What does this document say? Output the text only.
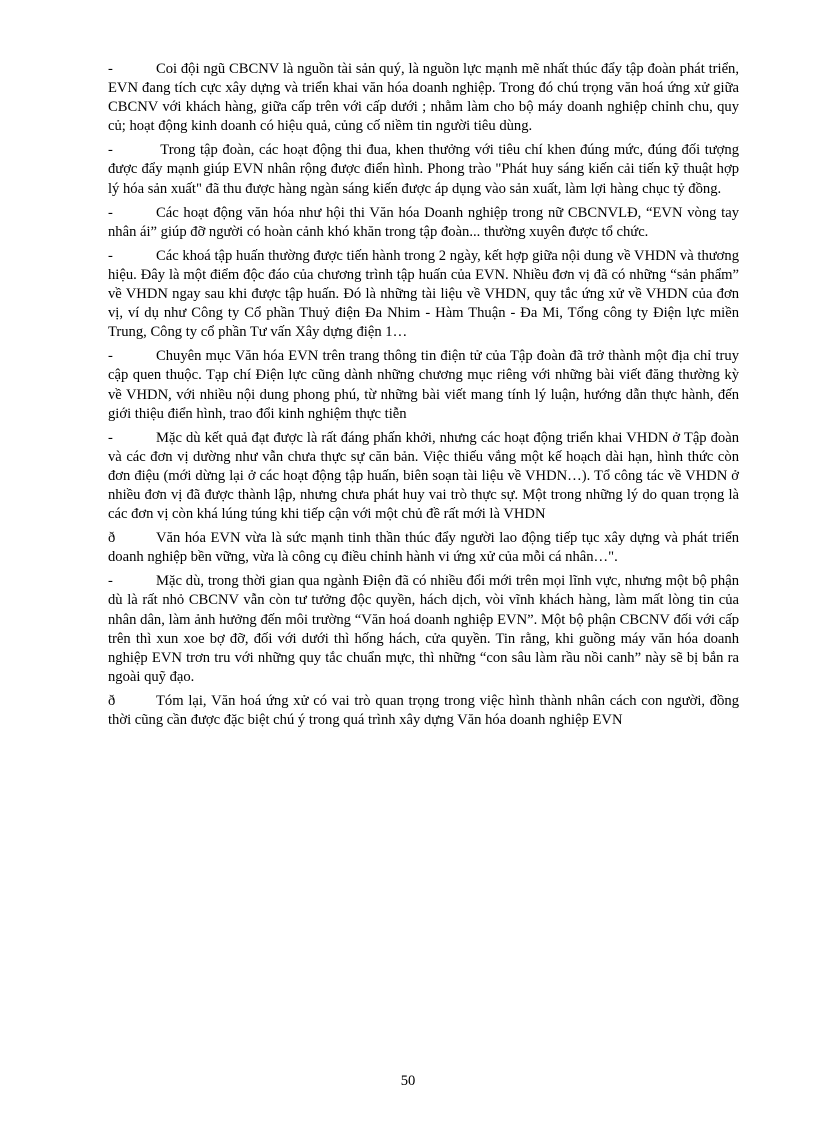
-	Coi đội ngũ CBCNV là nguồn tài sản quý, là nguồn lực mạnh mẽ nhất thúc đẩy tập đoàn phát triển, EVN đang tích cực xây dựng và triển khai văn hóa doanh nghiệp. Trong đó chú trọng văn hoá ứng xử giữa CBCNV với khách hàng, giữa cấp trên với cấp dưới ; nhằm làm cho bộ máy doanh nghiệp chỉnh chu, quy củ; hoạt động kinh doanh có hiệu quả, củng cố niềm tin người tiêu dùng.

-	Trong tập đoàn, các hoạt động thi đua, khen thưởng với tiêu chí khen đúng mức, đúng đối tượng được đẩy mạnh giúp EVN nhân rộng được điển hình. Phong trào "Phát huy sáng kiến cải tiến kỹ thuật hợp lý hóa sản xuất" đã thu được hàng ngàn sáng kiến được áp dụng vào sản xuất, làm lợi hàng chục tỷ đồng.

-	Các hoạt động văn hóa như hội thi Văn hóa Doanh nghiệp trong nữ CBCNVLĐ, “EVN vòng tay nhân ái” giúp đỡ người có hoàn cảnh khó khăn trong tập đoàn... thường xuyên được tổ chức.

-	Các khoá tập huấn thường được tiến hành trong 2 ngày, kết hợp giữa nội dung về VHDN và thương hiệu. Đây là một điểm độc đáo của chương trình tập huấn của EVN. Nhiều đơn vị đã có những “sản phẩm” về VHDN ngay sau khi được tập huấn. Đó là những tài liệu về VHDN, quy tắc ứng xử về VHDN của đơn vị, ví dụ như Công ty Cổ phần Thuỷ điện Đa Nhim - Hàm Thuận - Đa Mi, Tổng công ty Điện lực miền Trung, Công ty cổ phần Tư vấn Xây dựng điện 1…

-	Chuyên mục Văn hóa EVN trên trang thông tin điện tử của Tập đoàn đã trở thành một địa chỉ truy cập quen thuộc. Tạp chí Điện lực cũng dành những chương mục riêng với những bài viết đăng thường kỳ về VHDN, với nhiều nội dung phong phú, từ những bài viết mang tính lý luận, hướng dẫn thực hành, đến giới thiệu điển hình, trao đổi kinh nghiệm thực tiễn

-	Mặc dù kết quả đạt được là rất đáng phấn khởi, nhưng các hoạt động triển khai VHDN ở Tập đoàn và các đơn vị dường như vẫn chưa thực sự căn bản. Việc thiếu vắng một kế hoạch dài hạn, hình thức còn đơn điệu (mới dừng lại ở các hoạt động tập huấn, biên soạn tài liệu về VHDN…). Tổ công tác về VHDN ở nhiều đơn vị đã được thành lập, nhưng chưa phát huy vai trò thực sự. Một trong những lý do quan trọng là các đơn vị còn khá lúng túng khi tiếp cận với một chủ đề rất mới là VHDN

ð	Văn hóa EVN vừa là sức mạnh tinh thần thúc đẩy người lao động tiếp tục xây dựng và phát triển doanh nghiệp bền vững, vừa là công cụ điều chỉnh hành vi ứng xử của mỗi cá nhân…".

-	Mặc dù, trong thời gian qua ngành Điện đã có nhiều đổi mới trên mọi lĩnh vực, nhưng một bộ phận dù là rất nhỏ CBCNV vẫn còn tư tưởng độc quyền, hách dịch, vòi vĩnh khách hàng, làm mất lòng tin của nhân dân, làm ảnh hưởng đến môi trường “Văn hoá doanh nghiệp EVN”. Một bộ phận CBCNV đối với cấp trên thì xun xoe bợ đỡ, đối với dưới thì hống hách, cửa quyền. Tin rằng, khi guồng máy văn hóa doanh nghiệp EVN trơn tru với những quy tắc chuẩn mực, thì những “con sâu làm rầu nồi canh” này sẽ bị bắn ra ngoài quỹ đạo.

ð	Tóm lại, Văn hoá ứng xử có vai trò quan trọng trong việc hình thành nhân cách con người, đồng thời cũng cần được đặc biệt chú ý trong quá trình xây dựng Văn hóa doanh nghiệp EVN

50
